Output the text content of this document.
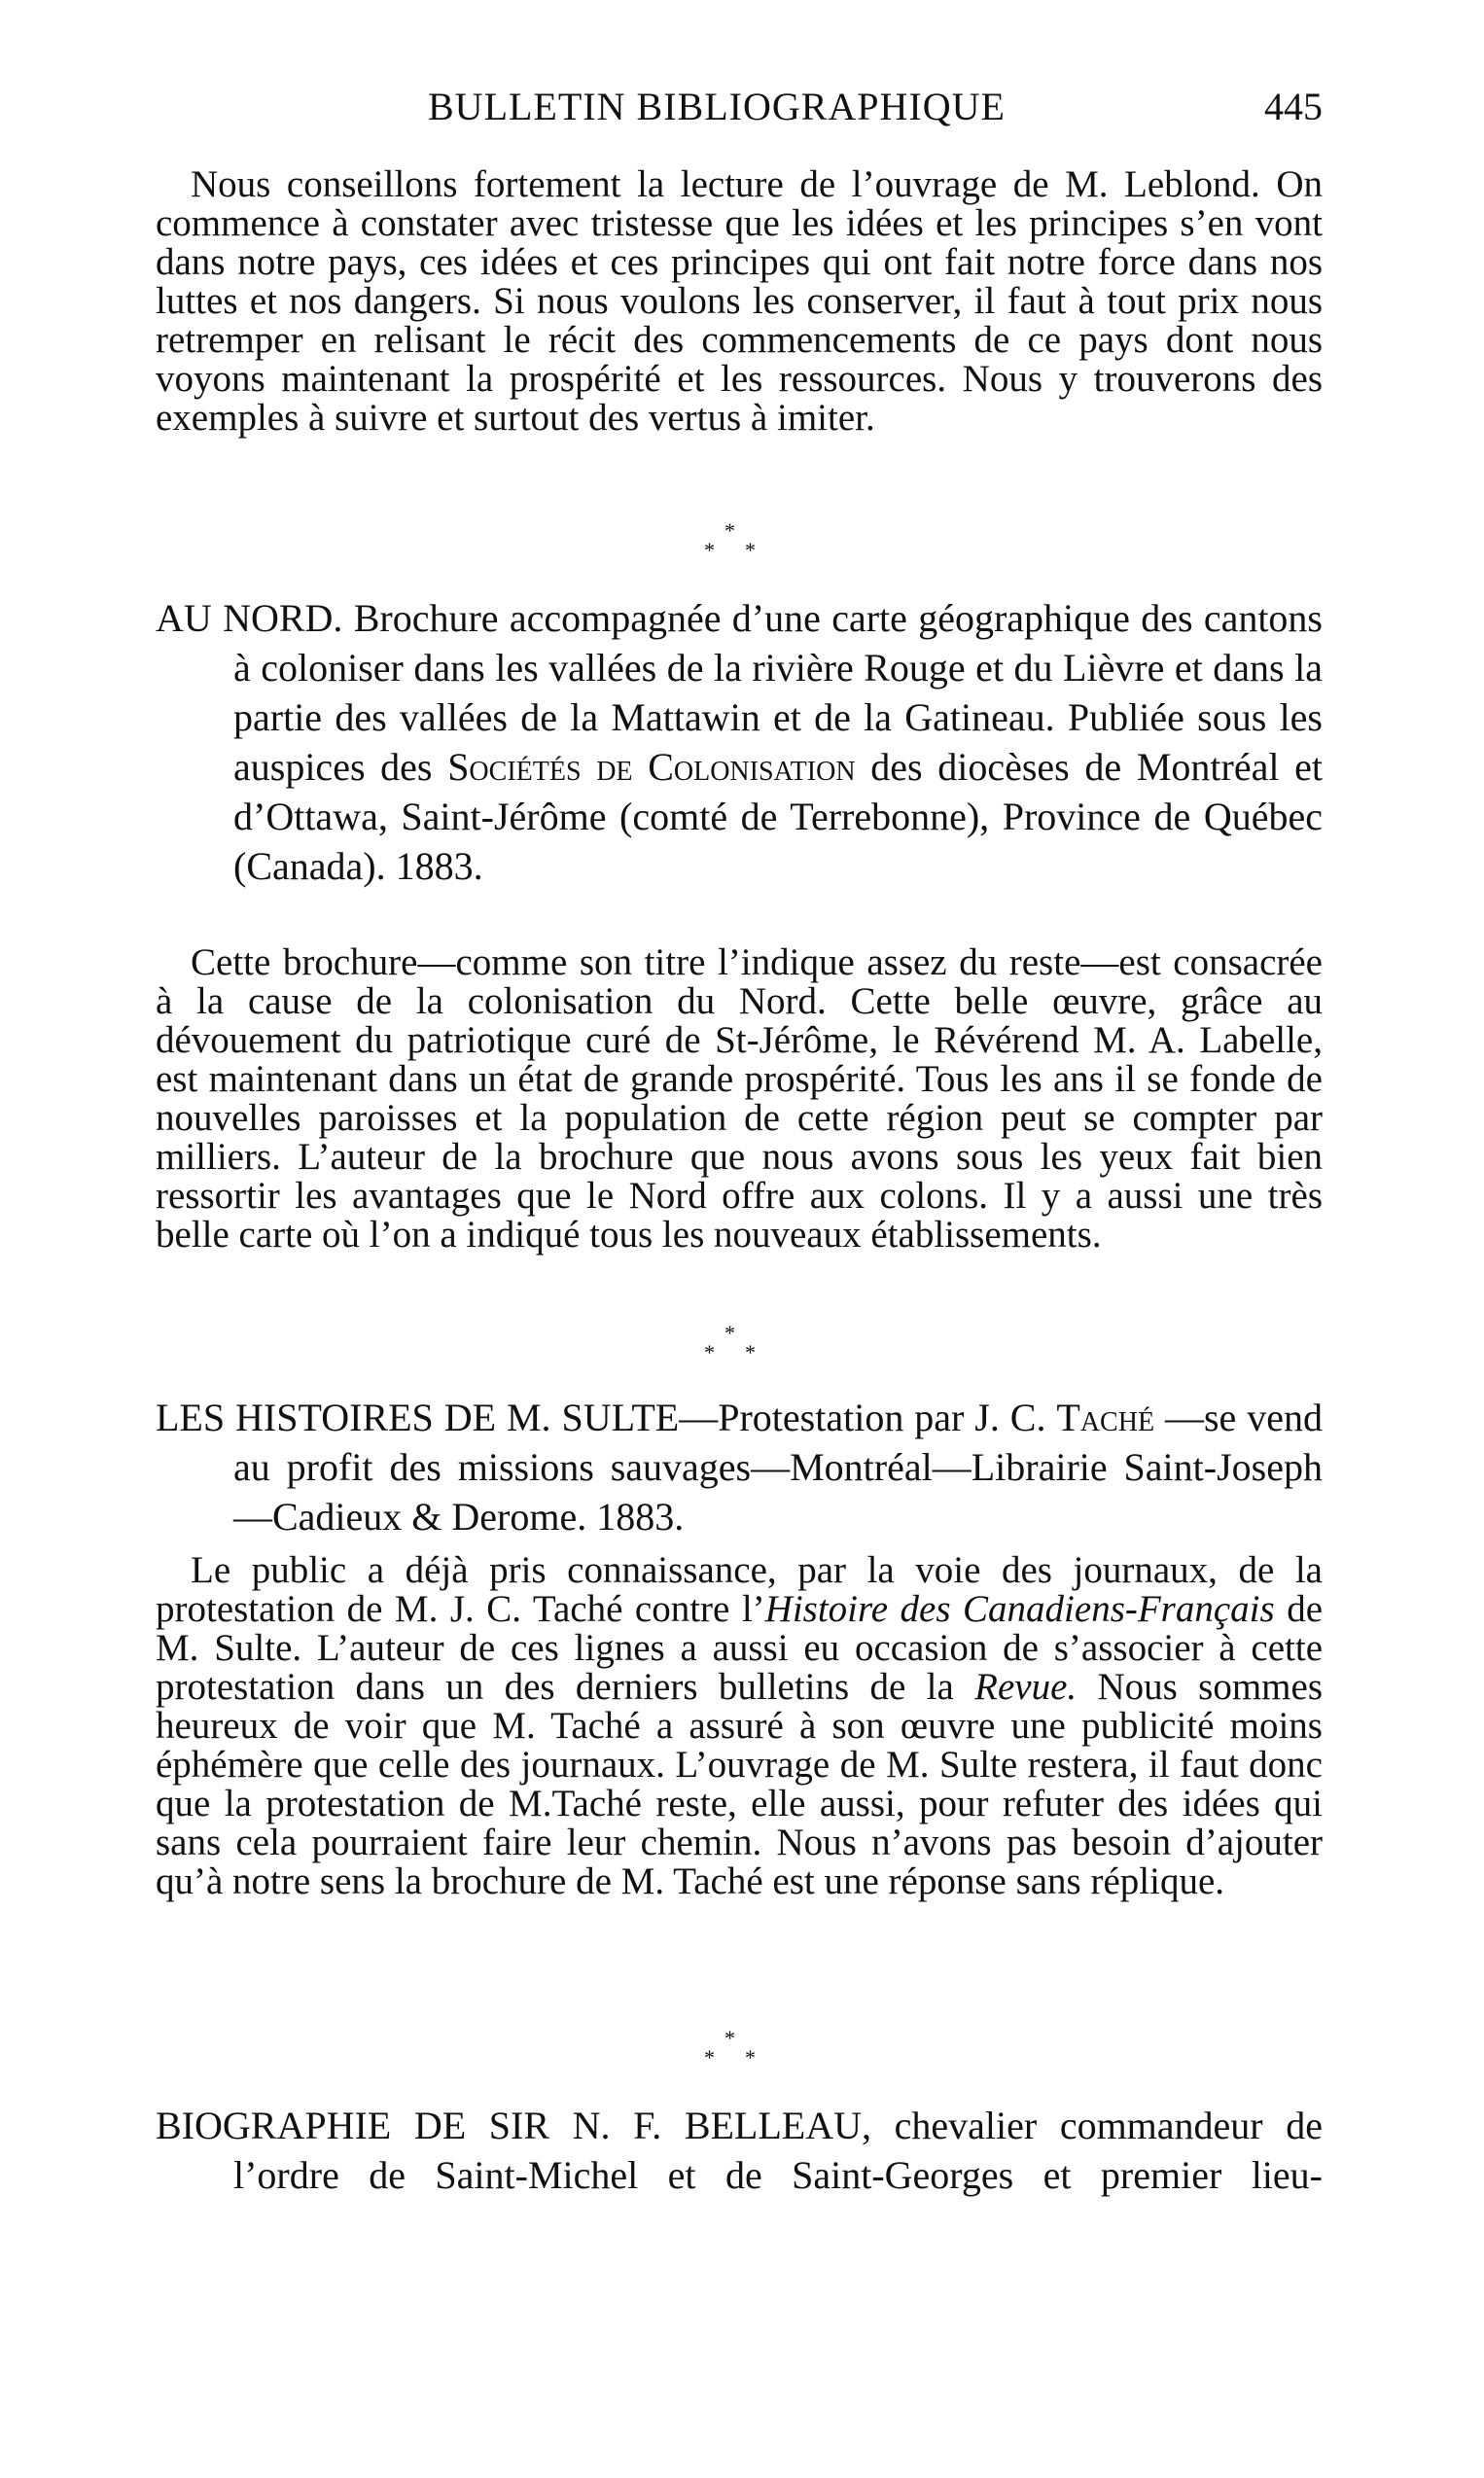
BULLETIN BIBLIOGRAPHIQUE	445

Nous conseillons fortement la lecture de l’ouvrage de M. Leblond. On commence à constater avec tristesse que les idées et les principes s’en vont dans notre pays, ces idées et ces principes qui ont fait notre force dans nos luttes et nos dangers. Si nous voulons les conserver, il faut à tout prix nous retremper en relisant le récit des commencements de ce pays dont nous voyons maintenant la prospérité et les ressources. Nous y trouverons des exemples à suivre et surtout des vertus à imiter.

*
* *

AU NORD. Brochure accompagnée d’une carte géographique des cantons à coloniser dans les vallées de la rivière Rouge et du Lièvre et dans la partie des vallées de la Mattawin et de la Gatineau. Publiée sous les auspices des Sociétés de Colonisation des diocèses de Montréal et d’Ottawa, Saint-Jérôme (comté de Terrebonne), Province de Québec (Canada). 1883.

Cette brochure—comme son titre l’indique assez du reste—est consacrée à la cause de la colonisation du Nord. Cette belle œuvre, grâce au dévouement du patriotique curé de St-Jérôme, le Révérend M. A. Labelle, est maintenant dans un état de grande prospérité. Tous les ans il se fonde de nouvelles paroisses et la population de cette région peut se compter par milliers. L’auteur de la brochure que nous avons sous les yeux fait bien ressortir les avantages que le Nord offre aux colons. Il y a aussi une très belle carte où l’on a indiqué tous les nouveaux établissements.

*
* *

LES HISTOIRES DE M. SULTE—Protestation par J. C. Taché —se vend au profit des missions sauvages—Montréal—Librairie Saint-Joseph—Cadieux & Derome. 1883.

Le public a déjà pris connaissance, par la voie des journaux, de la protestation de M. J. C. Taché contre l’Histoire des Canadiens-Français de M. Sulte. L’auteur de ces lignes a aussi eu occasion de s’associer à cette protestation dans un des derniers bulletins de la Revue. Nous sommes heureux de voir que M. Taché a assuré à son œuvre une publicité moins éphémère que celle des journaux. L’ouvrage de M. Sulte restera, il faut donc que la protestation de M.Taché reste, elle aussi, pour refuter des idées qui sans cela pourraient faire leur chemin. Nous n’avons pas besoin d’ajouter qu’à notre sens la brochure de M. Taché est une réponse sans réplique.

*
* *

BIOGRAPHIE DE SIR N. F. BELLEAU, chevalier commandeur de l’ordre de Saint-Michel et de Saint-Georges et premier lieu-
